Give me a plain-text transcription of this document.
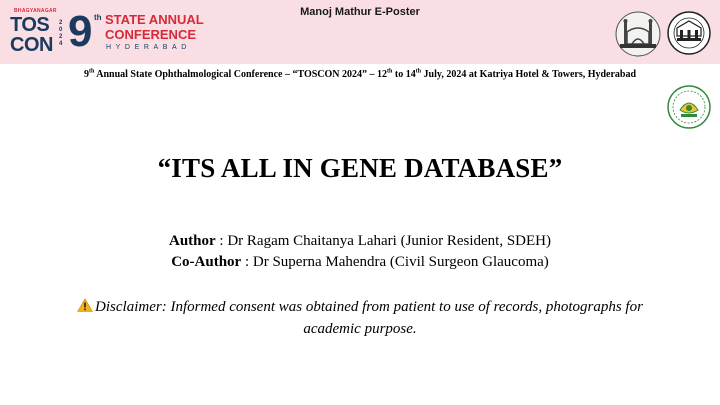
Manoj Mathur E-Poster
BHAGYANAGAR
TOS
CON
2024 9 th STATE ANNUAL
CONFERENCE
HYDERABAD
9th Annual State Ophthalmological Conference – “TOSCON 2024” – 12th to 14th July, 2024 at Katriya Hotel & Towers, Hyderabad
“ITS ALL IN GENE DATABASE”
Author : Dr Ragam Chaitanya Lahari (Junior Resident, SDEH)
Co-Author : Dr Superna Mahendra (Civil Surgeon Glaucoma)
Disclaimer: Informed consent was obtained from patient to use of records, photographs for academic purpose.
